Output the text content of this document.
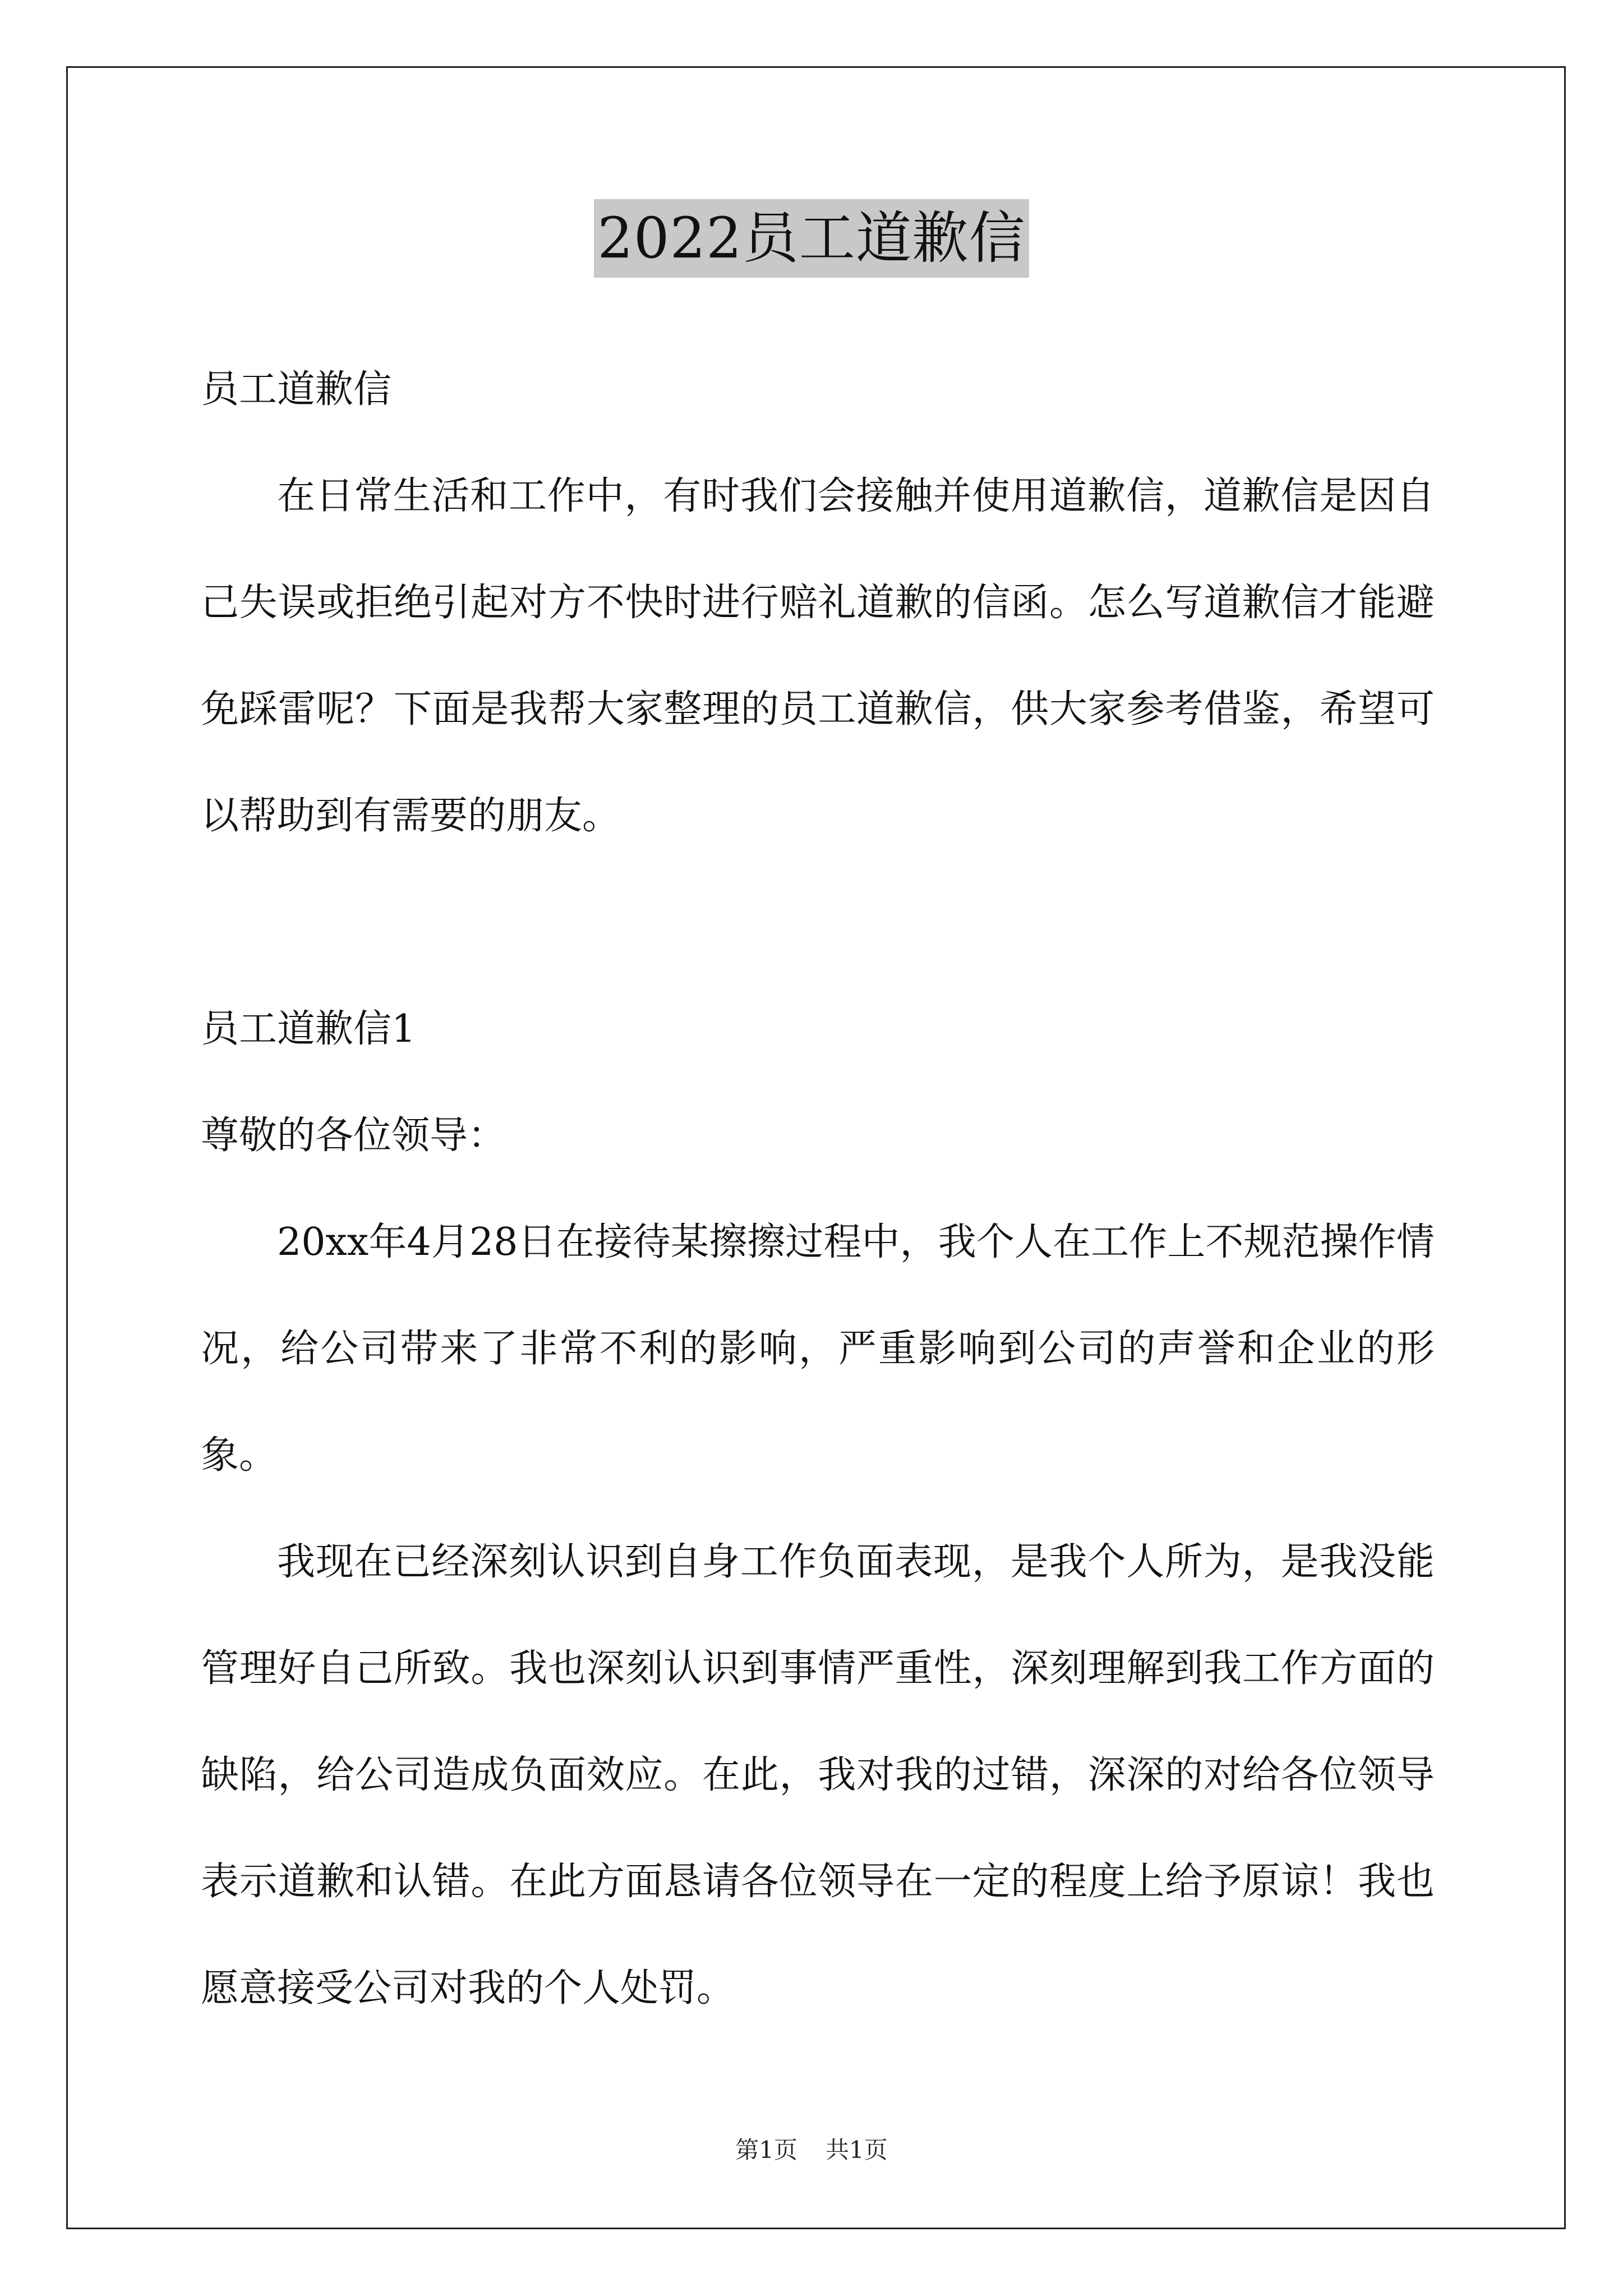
2022员工道歉信

员工道歉信

在日常生活和工作中，有时我们会接触并使用道歉信，道歉信是因自己失误或拒绝引起对方不快时进行赔礼道歉的信函。怎么写道歉信才能避免踩雷呢？下面是我帮大家整理的员工道歉信，供大家参考借鉴，希望可以帮助到有需要的朋友。

员工道歉信1

尊敬的各位领导：

20xx年4月28日在接待某擦擦过程中，我个人在工作上不规范操作情况，给公司带来了非常不利的影响，严重影响到公司的声誉和企业的形象。

我现在已经深刻认识到自身工作负面表现，是我个人所为，是我没能管理好自己所致。我也深刻认识到事情严重性，深刻理解到我工作方面的缺陷，给公司造成负面效应。在此，我对我的过错，深深的对给各位领导表示道歉和认错。在此方面恳请各位领导在一定的程度上给予原谅！我也愿意接受公司对我的个人处罚。

第1页 共1页
